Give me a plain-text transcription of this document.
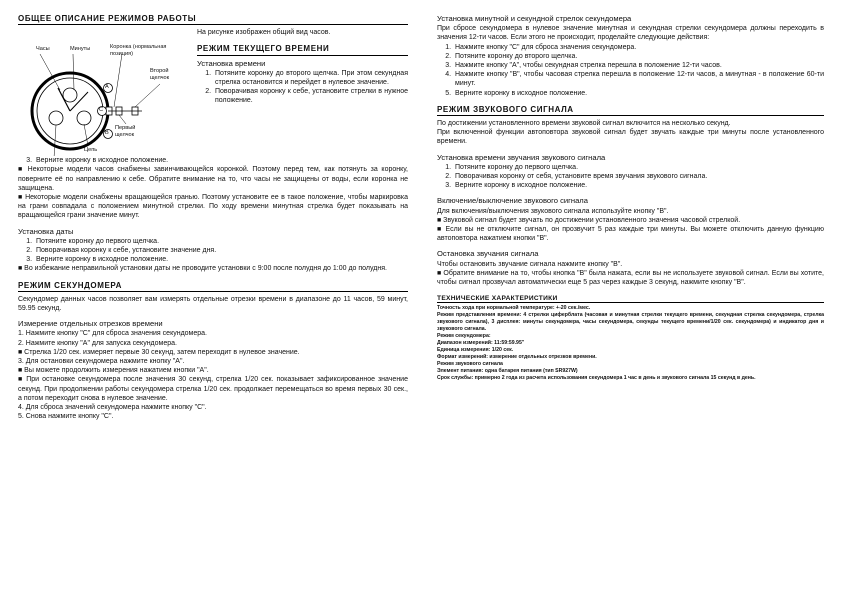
ОБЩЕЕ ОПИСАНИЕ РЕЖИМОВ РАБОТЫ
Часы	Минуты	Коронка (нормальная позиция)
Второй щелчок
Первый щелчок
A
B
C
Цепь

На рисунке изображен общий вид часов.

РЕЖИМ ТЕКУЩЕГО ВРЕМЕНИ
Установка времени
1. Потяните коронку до второго щелчка. При этом секундная стрелка остановится и перейдет в нулевое значение.
2. Поворачивая коронку к себе, установите стрелки в нужное положение.
3. Верните коронку в исходное положение.

■ Некоторые модели часов снабжены завинчивающейся коронкой. Поэтому перед тем, как потянуть за коронку, поверните её по направлению к себе. Обратите внимание на то, что часы не защищены от воды, если коронка не защищена.

■ Некоторые модели снабжены вращающейся гранью. Поэтому установите ее в такое положение, чтобы маркировка на грани совпадала с положением минутной стрелки. По ходу времени минутная стрелка будет показывать на вращающейся грани значение минут.

Установка даты
1. Потяните коронку до первого щелчка.
2. Поворачивая коронку к себе, установите значение дня.
3. Верните коронку в исходное положение.

■ Во избежание неправильной установки даты не проводите установки с 9:00 после полудня до 1:00 до полудня.

РЕЖИМ СЕКУНДОМЕРА

Секундомер данных часов позволяет вам измерять отдельные отрезки времени в диапазоне до 11 часов, 59 минут, 59.95 секунд.

Измерение отдельных отрезков времени

1. Нажмите кнопку "C" для сброса значения секундомера.

2. Нажмите кнопку "A" для запуска секундомера.

■ Стрелка 1/20 сек. измеряет первые 30 секунд, затем переходит в нулевое значение.

3. Для остановки секундомера нажмите кнопку "A".

■ Вы можете продолжить измерения нажатием кнопки "A".

■ При остановке секундомера после значения 30 секунд, стрелка 1/20 сек. показывает зафиксированное значение секунд. При продолжении работы секундомера стрелка 1/20 сек. продолжает перемещаться во время первых 30 сек., а потом переходит снова в нулевое значение.

4. Для сброса значений секундомера нажмите кнопку "C".

5. Снова нажмите кнопку "C".

Установка минутной и секундной стрелок секундомера

При сбросе секундомера в нулевое значение минутная и секундная стрелки секундомера должны переходить в значения 12-ти часов. Если этого не происходит, проделайте следующие действия:

1. Нажмите кнопку "C" для сброса значения секундомера.
2. Потяните коронку до второго щелчка.
3. Нажмите кнопку "A", чтобы секундная стрелка перешла в положение 12-ти часов.
4. Нажмите кнопку "B", чтобы часовая стрелка перешла в положение 12-ти часов, а минутная - в положение 60-ти минут.
5. Верните коронку в исходное положение.
РЕЖИМ ЗВУКОВОГО СИГНАЛА

По достижении установленного времени звуковой сигнал включится на несколько секунд.

При включенной функции автоповтора звуковой сигнал будет звучать каждые три минуты после установленного времени.

Установка времени звучания звукового сигнала
1. Потяните коронку до первого щелчка.
2. Поворачивая коронку от себя, установите время звучания звукового сигнала.
3. Верните коронку в исходное положение.
Включение/выключение звукового сигнала

Для включения/выключения звукового сигнала используйте кнопку "B".

■ Звуковой сигнал будет звучать по достижении установленного значения часовой стрелкой.

■ Если вы не отключите сигнал, он прозвучит 5 раз каждые три минуты. Вы можете отключить данную функцию автоповтора нажатием кнопки "B".

Остановка звучания сигнала

Чтобы остановить звучание сигнала нажмите кнопку "B".

■ Обратите внимание на то, чтобы кнопка "B" была нажата, если вы не используете звуковой сигнал. Если вы хотите, чтобы сигнал прозвучал автоматически еще 5 раз через каждые 3 секунд, нажмите кнопку "B".

ТЕХНИЧЕСКИЕ ХАРАКТЕРИСТИКИ

Точность хода при нормальной температуре: +-20 сек./мес.

Режим представления времени: 4 стрелки циферблата (часовая и минутная стрелки текущего времени, секундная стрелка секундомера, стрелка звукового сигнала), 3 дисплея: минуты секундомера, часы секундомера, секунды текущего времени/1/20 сек. секундомера) и индикатор дня и звукового сигнала.

Режим секундомера:

Диапазон измерений: 11:59:59.95"

Единица измерения: 1/20 сек.

Формат измерений: измерение отдельных отрезков времени.

Режим звукового сигнала

Элемент питания: одна батарея питания (тип SR927W)

Срок службы: примерно 2 года из расчета использования секундомера 1 час в день и звукового сигнала 15 секунд в день.
